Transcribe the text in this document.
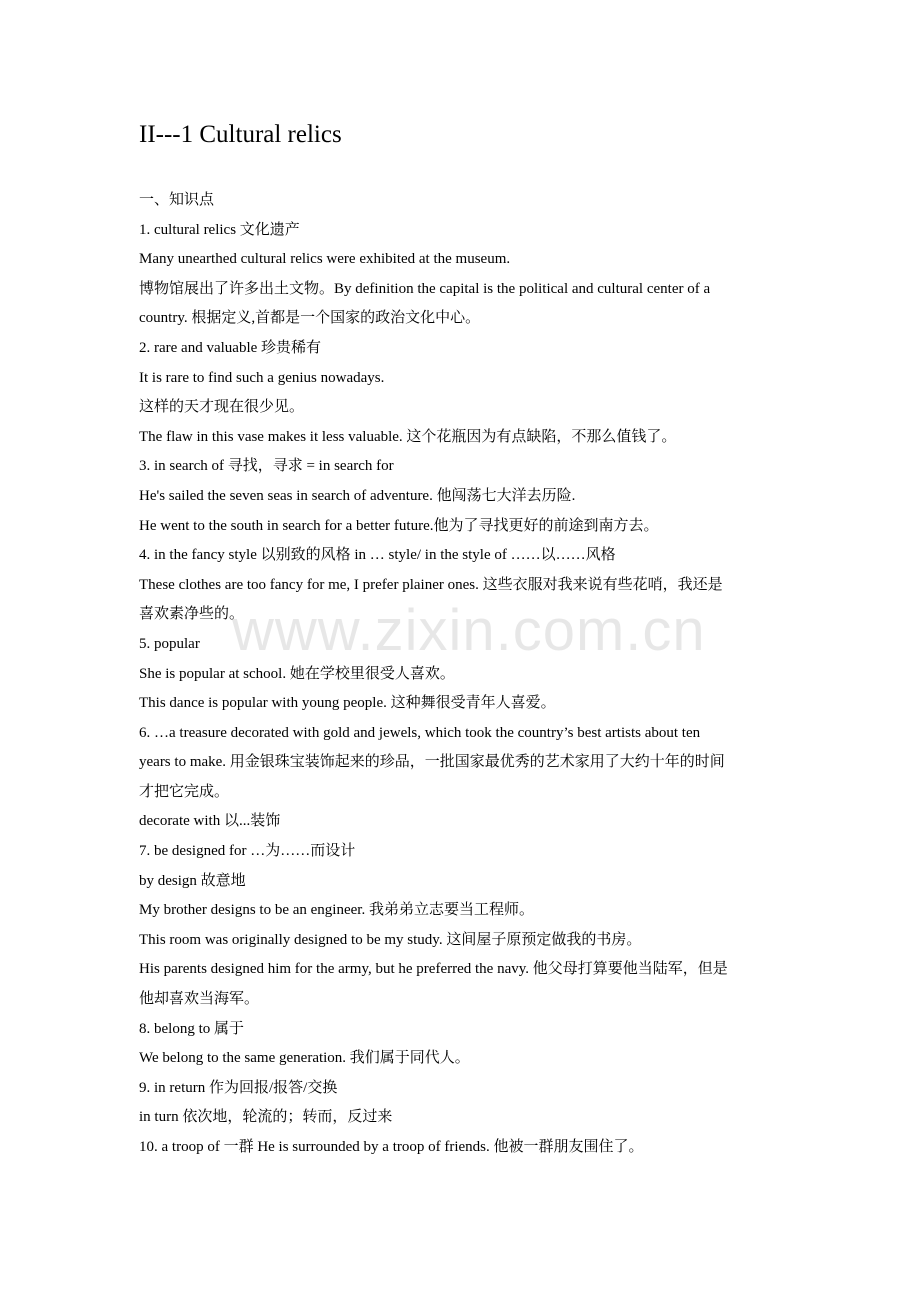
www.zixin.com.cn
II---1 Cultural relics
一、知识点
1. cultural relics 文化遗产
Many unearthed cultural relics were exhibited at the museum.
博物馆展出了许多出土文物。By definition the capital is the political and cultural center of a
country. 根据定义,首都是一个国家的政治文化中心。
2. rare and valuable 珍贵稀有
It is rare to find such a genius nowadays.
这样的天才现在很少见。
The flaw in this vase makes it less valuable. 这个花瓶因为有点缺陷，不那么值钱了。
3. in search of 寻找，寻求 = in search for
He's sailed the seven seas in search of adventure. 他闯荡七大洋去历险.
He went to the south in search for a better future.他为了寻找更好的前途到南方去。
4. in the fancy style 以别致的风格 in … style/ in the style of ……以……风格
These clothes are too fancy for me, I prefer plainer ones. 这些衣服对我来说有些花哨，我还是
喜欢素净些的。
5. popular
She is popular at school. 她在学校里很受人喜欢。
This dance is popular with young people. 这种舞很受青年人喜爱。
6. …a treasure decorated with gold and jewels, which took the country’s best artists about ten
years to make. 用金银珠宝装饰起来的珍品，一批国家最优秀的艺术家用了大约十年的时间
才把它完成。
decorate with 以...装饰
7. be designed for …为……而设计
by design 故意地
My brother designs to be an engineer. 我弟弟立志要当工程师。
This room was originally designed to be my study. 这间屋子原预定做我的书房。
His parents designed him for the army, but he preferred the navy. 他父母打算要他当陆军，但是
他却喜欢当海军。
8. belong to 属于
We belong to the same generation. 我们属于同代人。
9. in return 作为回报/报答/交换
in turn 依次地，轮流的；转而，反过来
10. a troop of 一群 He is surrounded by a troop of friends. 他被一群朋友围住了。
